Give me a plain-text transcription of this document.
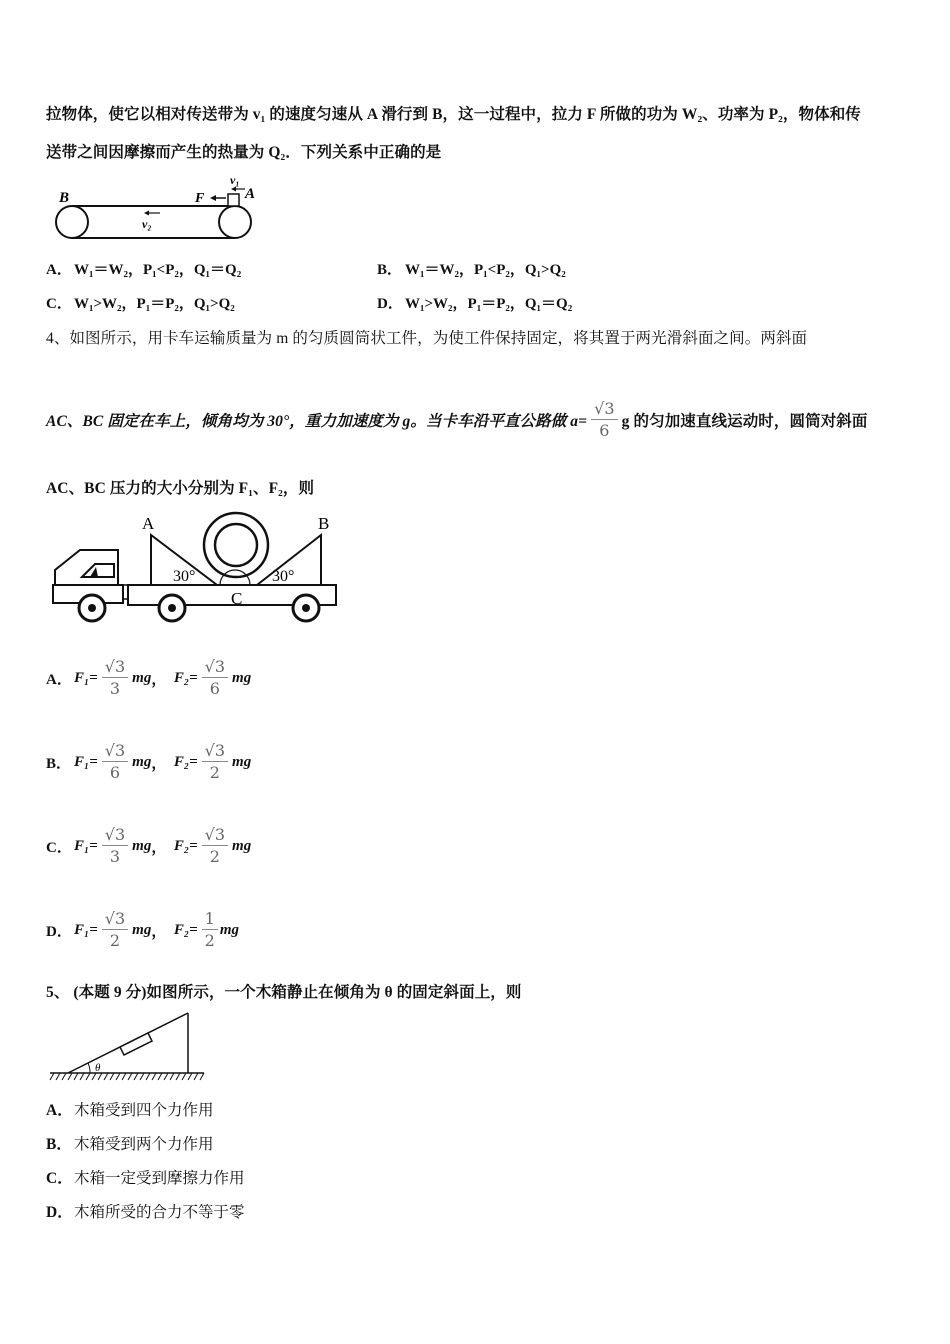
拉物体，使它以相对传送带为 v₁ 的速度匀速从 A 滑行到 B，这一过程中，拉力 F 所做的功为 W₂、功率为 P₂，物体和传
送带之间因摩擦而产生的热量为 Q₂．下列关系中正确的是
B	A
F
v₁
v₂
A． W₁＝W₂，P₁<P₂，Q₁＝Q₂	B． W₁＝W₂，P₁<P₂，Q₁>Q₂
C． W₁>W₂，P₁＝P₂，Q₁>Q₂	D． W₁>W₂，P₁＝P₂，Q₁＝Q₂
4、如图所示，用卡车运输质量为 m 的匀质圆筒状工件，为使工件保持固定，将其置于两光滑斜面之间。两斜面
AC、BC 固定在车上，倾角均为 30°，重力加速度为 g。当卡车沿平直公路做 $a= \frac{√3}{6}$ g 的匀加速直线运动时，圆筒对斜面
AC、BC 压力的大小分别为 F₁、F₂，则
A	B
C
30°	30°
A． $F_1= \frac{√3}{3}$ mg ，
$F_2= \frac{√3}{6}$ mg
B． $F_1= \frac{√3}{6}$ mg ，
$F_2= \frac{√3}{2}$ mg
C． $F_1= \frac{√3}{3}$ mg ，
$F_2= \frac{√3}{2}$ mg
D． $F_1= \frac{√3}{2}$ mg ，
$F_2= \frac{1}{2}$ mg
5、 (本题 9 分)如图所示，一个木箱静止在倾角为 θ 的固定斜面上，则
θ
A．木箱受到四个力作用
B． 木箱受到两个力作用
C．木箱一定受到摩擦力作用
D．木箱所受的合力不等于零
